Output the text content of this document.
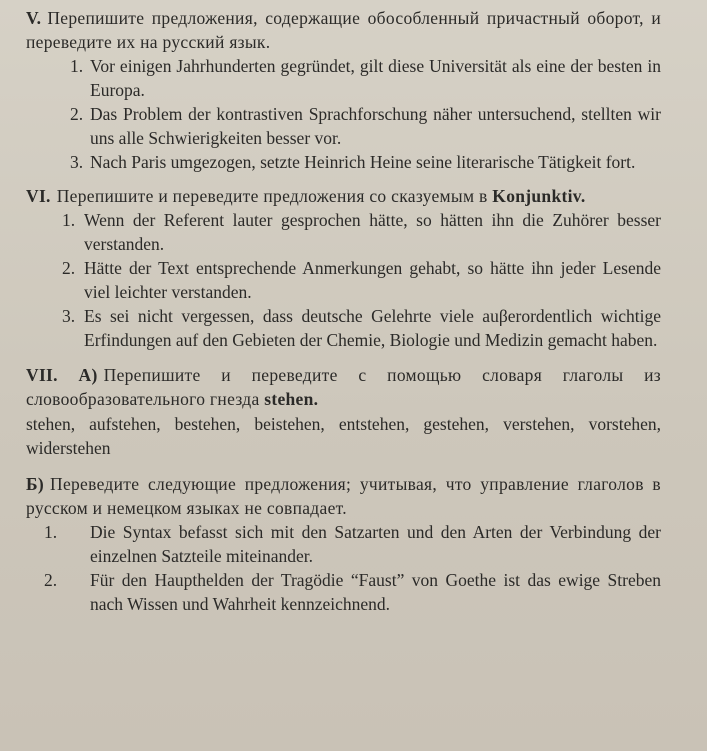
V. Перепишите предложения, содержащие обособленный причастный оборот, и переведите их на русский язык.
1. Vor einigen Jahrhunderten gegründet, gilt diese Universität als eine der besten in Europa.
2. Das Problem der kontrastiven Sprachforschung näher untersuchend, stellten wir uns alle Schwierigkeiten besser vor.
3. Nach Paris umgezogen, setzte Heinrich Heine seine literarische Tätigkeit fort.
VI. Перепишите и переведите предложения со сказуемым в Konjunktiv.
1. Wenn der Referent lauter gesprochen hätte, so hätten ihn die Zuhörer besser verstanden.
2. Hätte der Text entsprechende Anmerkungen gehabt, so hätte ihn jeder Lesende viel leichter verstanden.
3. Es sei nicht vergessen, dass deutsche Gelehrte viele auβerordentlich wichtige Erfindungen auf den Gebieten der Chemie, Biologie und Medizin gemacht haben.
VII. А) Перепишите и переведите с помощью словаря глаголы из словообразовательного гнезда stehen.
stehen, aufstehen, bestehen, beistehen, entstehen, gestehen, verstehen, vorstehen, widerstehen
Б) Переведите следующие предложения; учитывая, что управление глаголов в русском и немецком языках не совпадает.
1. Die Syntax befasst sich mit den Satzarten und den Arten der Verbindung der einzelnen Satzteile miteinander.
2. Für den Haupthelden der Tragödie “Faust” von Goethe ist das ewige Streben nach Wissen und Wahrheit kennzeichnend.
